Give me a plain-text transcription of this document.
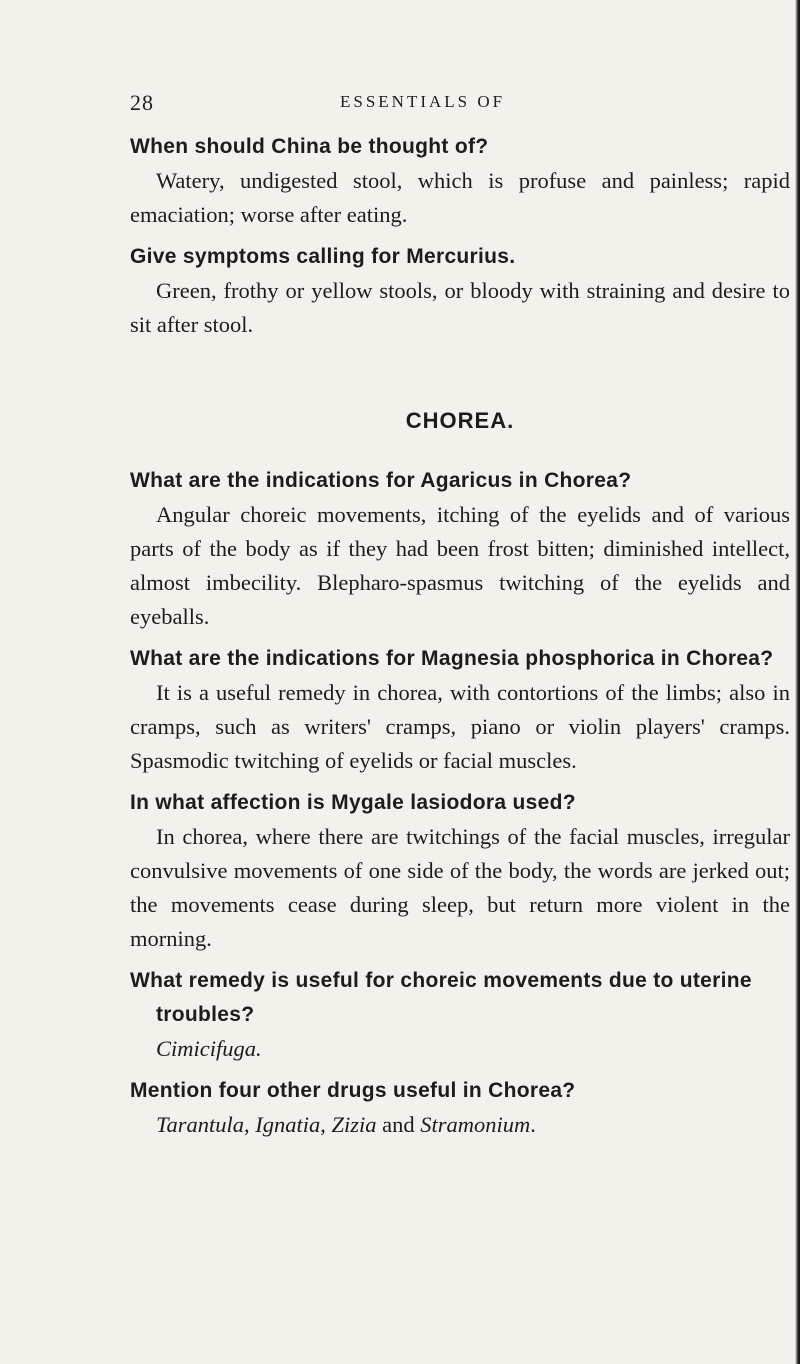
28	ESSENTIALS OF

When should China be thought of?

Watery, undigested stool, which is profuse and painless; rapid emaciation; worse after eating.

Give symptoms calling for Mercurius.

Green, frothy or yellow stools, or bloody with straining and desire to sit after stool.

CHOREA.

What are the indications for Agaricus in Chorea?

Angular choreic movements, itching of the eyelids and of various parts of the body as if they had been frost bitten; diminished intellect, almost imbecility. Blepharo-spasmus twitching of the eyelids and eyeballs.

What are the indications for Magnesia phosphorica in Chorea?

It is a useful remedy in chorea, with contortions of the limbs; also in cramps, such as writers' cramps, piano or violin players' cramps. Spasmodic twitching of eyelids or facial muscles.

In what affection is Mygale lasiodora used?

In chorea, where there are twitchings of the facial muscles, irregular convulsive movements of one side of the body, the words are jerked out; the movements cease during sleep, but return more violent in the morning.

What remedy is useful for choreic movements due to uterine troubles?

Cimicifuga.

Mention four other drugs useful in Chorea?

Tarantula, Ignatia, Zizia and Stramonium.
